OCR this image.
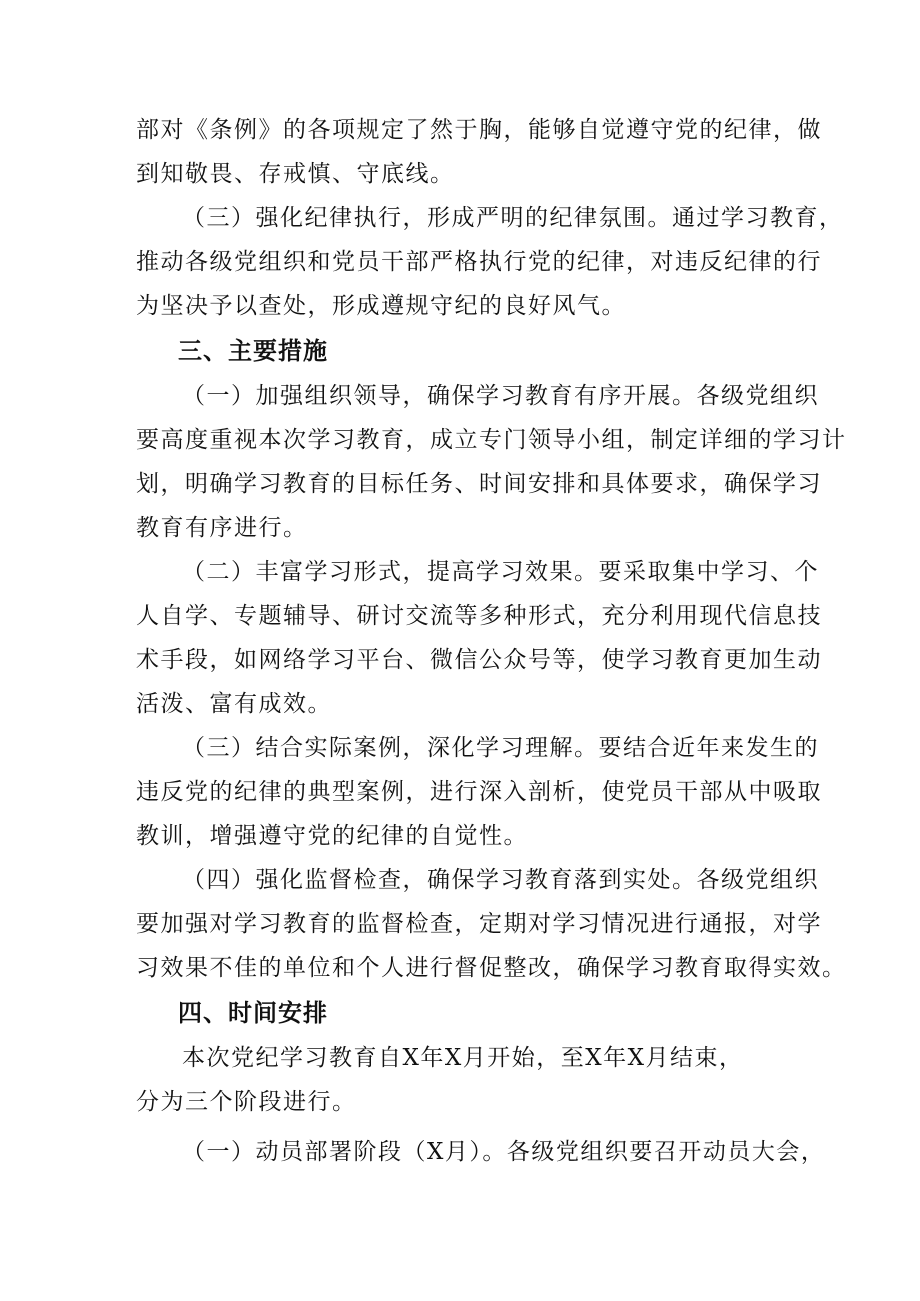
部对《条例》的各项规定了然于胸，能够自觉遵守党的纪律，做
到知敬畏、存戒慎、守底线。
（三）强化纪律执行，形成严明的纪律氛围。通过学习教育，
推动各级党组织和党员干部严格执行党的纪律，对违反纪律的行
为坚决予以查处，形成遵规守纪的良好风气。
三、主要措施
（一）加强组织领导，确保学习教育有序开展。各级党组织
要高度重视本次学习教育，成立专门领导小组，制定详细的学习计
划，明确学习教育的目标任务、时间安排和具体要求，确保学习
教育有序进行。
（二）丰富学习形式，提高学习效果。要采取集中学习、个
人自学、专题辅导、研讨交流等多种形式，充分利用现代信息技
术手段，如网络学习平台、微信公众号等，使学习教育更加生动
活泼、富有成效。
（三）结合实际案例，深化学习理解。要结合近年来发生的
违反党的纪律的典型案例，进行深入剖析，使党员干部从中吸取
教训，增强遵守党的纪律的自觉性。
（四）强化监督检查，确保学习教育落到实处。各级党组织
要加强对学习教育的监督检查，定期对学习情况进行通报，对学
习效果不佳的单位和个人进行督促整改，确保学习教育取得实效。
四、时间安排
本次党纪学习教育自X年X月开始，至X年X月结束，
分为三个阶段进行。
（一）动员部署阶段（X月）。各级党组织要召开动员大会，
